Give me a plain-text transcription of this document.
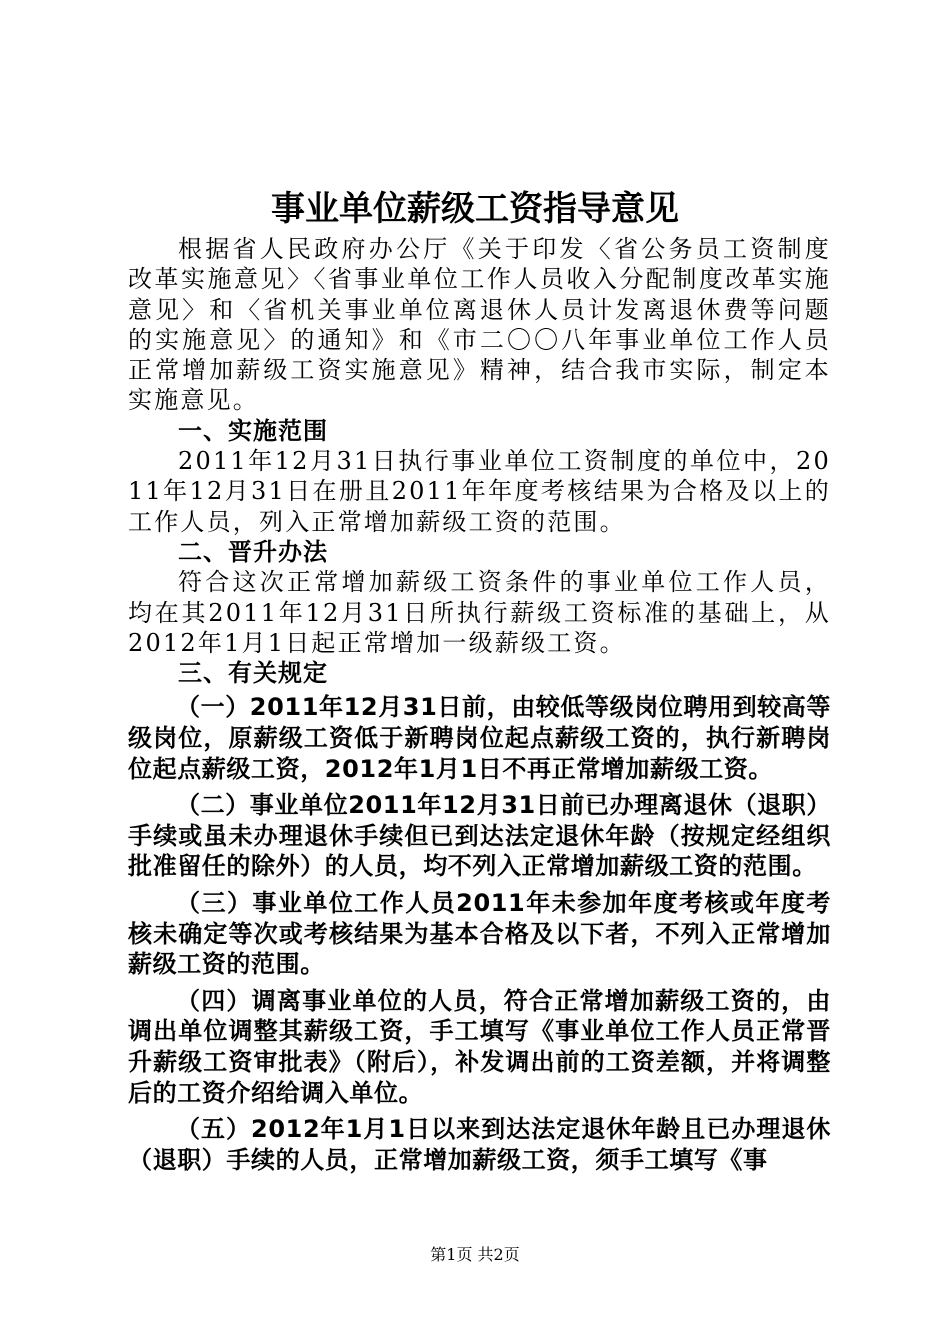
事业单位薪级工资指导意见

根据省人民政府办公厅《关于印发〈省公务员工资制度改革实施意见〉〈省事业单位工作人员收入分配制度改革实施意见〉和〈省机关事业单位离退休人员计发离退休费等问题的实施意见〉的通知》和《市二〇〇八年事业单位工作人员正常增加薪级工资实施意见》精神，结合我市实际，制定本实施意见。

一、实施范围

2011年12月31日执行事业单位工资制度的单位中，2011年12月31日在册且2011年年度考核结果为合格及以上的工作人员，列入正常增加薪级工资的范围。

二、晋升办法

符合这次正常增加薪级工资条件的事业单位工作人员，均在其2011年12月31日所执行薪级工资标准的基础上，从2012年1月1日起正常增加一级薪级工资。

三、有关规定

（一）2011年12月31日前，由较低等级岗位聘用到较高等级岗位，原薪级工资低于新聘岗位起点薪级工资的，执行新聘岗位起点薪级工资，2012年1月1日不再正常增加薪级工资。

（二）事业单位2011年12月31日前已办理离退休（退职）手续或虽未办理退休手续但已到达法定退休年龄（按规定经组织批准留任的除外）的人员，均不列入正常增加薪级工资的范围。

（三）事业单位工作人员2011年未参加年度考核或年度考核未确定等次或考核结果为基本合格及以下者，不列入正常增加薪级工资的范围。

（四）调离事业单位的人员，符合正常增加薪级工资的，由调出单位调整其薪级工资，手工填写《事业单位工作人员正常晋升薪级工资审批表》（附后），补发调出前的工资差额，并将调整后的工资介绍给调入单位。

（五）2012年1月1日以来到达法定退休年龄且已办理退休（退职）手续的人员，正常增加薪级工资，须手工填写《事

第1页 共2页
